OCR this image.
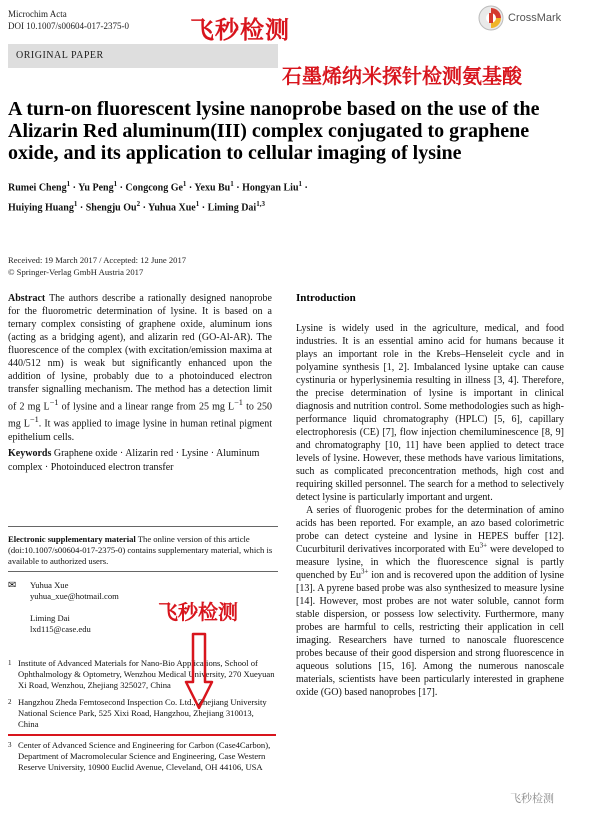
Microchim Acta
DOI 10.1007/s00604-017-2375-0	飞秒检测	CrossMark
ORIGINAL PAPER
石墨烯纳米探针检测氨基酸
A turn-on fluorescent lysine nanoprobe based on the use of the Alizarin Red aluminum(III) complex conjugated to graphene oxide, and its application to cellular imaging of lysine
Rumei Cheng$^1$ · Yu Peng$^1$ · Congcong $Ge^1$ · Yexu $Bu^1$ · Hongyan Liu$^1$ ·
Huiying Huang$^1$ · Shengju $Ou^2$ · Yuhua Xue$^1$ · Liming Dai$^{1,3}$
Received: 19 March 2017 / Accepted: 12 June 2017
© Springer-Verlag GmbH Austria 2017
Abstract The authors describe a rationally designed nanoprobe for the fluorometric determination of lysine. It is based on a ternary complex consisting of graphene oxide, aluminum ions (acting as a bridging agent), and alizarin red (GO-Al-AR). The fluorescence of the complex (with excitation/emission maxima at 440/512 nm) is weak but significantly enhanced upon the addition of lysine, probably due to a photoinduced electron transfer signalling mechanism. The method has a detection limit of 2 mg $L^{-1}$ of lysine and a linear range from 25 mg $L^{-1}$ to 250 mg $L^{-1}$. It was applied to image lysine in human retinal pigment epithelium cells.
Keywords Graphene oxide · Alizarin red · Lysine · Aluminum complex · Photoinduced electron transfer
Electronic supplementary material The online version of this article (doi:10.1007/s00604-017-2375-0) contains supplementary material, which is available to authorized users.
✉	Yuhua Xue
yuhua_xue@hotmail.com
Liming Dai
lxd115@case.edu
飞秒检测
1 Institute of Advanced Materials for Nano-Bio Applications, School of Ophthalmology & Optometry, Wenzhou Medical University, 270 Xueyuan Xi Road, Wenzhou, Zhejiang 325027, China
2 Hangzhou Zheda Femtosecond Inspection Co. Ltd., Zhejiang University National Science Park, 525 Xixi Road, Hangzhou, Zhejiang 310013, China
3 Center of Advanced Science and Engineering for Carbon (Case4Carbon), Department of Macromolecular Science and Engineering, Case Western Reserve University, 10900 Euclid Avenue, Cleveland, OH 44106, USA
Introduction

Lysine is widely used in the agriculture, medical, and food industries. It is an essential amino acid for humans because it plays an important role in the Krebs–Henseleit cycle and in polyamine synthesis [1, 2]. Imbalanced lysine uptake can cause cystinuria or hyperlysinemia resulting in illness [3, 4]. Therefore, the precise determination of lysine is important in clinical diagnosis and nutrition control. Some methodologies such as high-performance liquid chromatography (HPLC) [5, 6], capillary electrophoresis (CE) [7], flow injection chemiluminescence [8, 9] and chromatography [10, 11] have been applied to detect trace levels of lysine. However, these methods have various limitations, such as complicated preconcentration methods, high cost and requiring skilled personnel. The search for a method to selectively detect lysine is particularly important and urgent.

A series of fluorogenic probes for the determination of amino acids has been reported. For example, an azo based colorimetric probe can detect cysteine and lysine in HEPES buffer [12]. Cucurbituril derivatives incorporated with $Eu^{3+}$ were developed to measure lysine, in which the fluorescence signal is partly quenched by $Eu^{3+}$ ion and is recovered upon the addition of lysine [13]. A pyrene based probe was also synthesized to measure lysine [14]. However, most probes are not water soluble, cannot form stable dispersion, or possess low selectivity. Furthermore, many probes are harmful to cells, restricting their application in cell imaging. Researchers have turned to nanoscale fluorescence probes because of their good dispersion and strong fluorescence in aqueous solutions [15, 16]. Among the numerous nanoscale materials, scientists have been particularly interested in graphene oxide (GO) based nanoprobes [17].

飞秒检测
